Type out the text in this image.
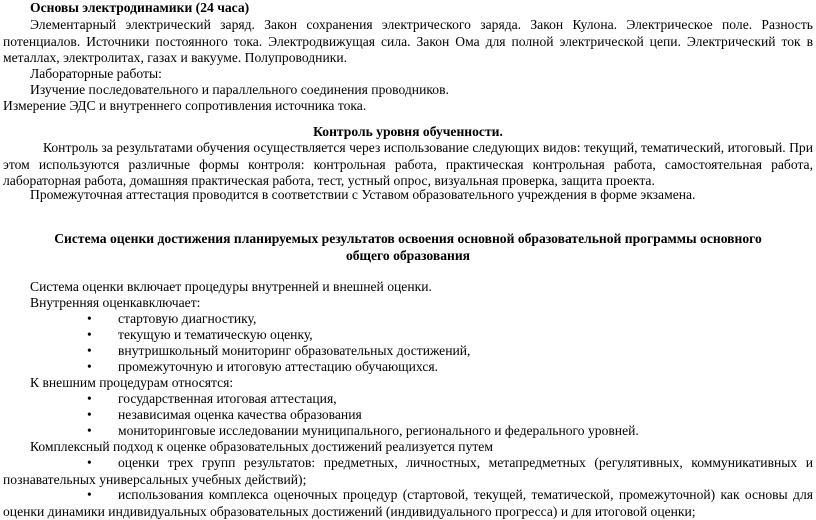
Основы электродинамики (24 часа)

Элементарный электрический заряд. Закон сохранения электрического заряда. Закон Кулона. Электрическое поле. Разность потенциалов. Источники постоянного тока. Электродвижущая сила. Закон Ома для полной электрической цепи. Электрический ток в металлах, электролитах, газах и вакууме. Полупроводники.

Лабораторные работы:

Изучение последовательного и параллельного соединения проводников.

Измерение ЭДС и внутреннего сопротивления источника тока.

Контроль уровня обученности.

Контроль за результатами обучения осуществляется через использование следующих видов: текущий, тематический, итоговый. При этом используются различные формы контроля: контрольная работа, практическая контрольная работа, самостоятельная работа, лабораторная работа, домашняя практическая работа, тест, устный опрос, визуальная проверка, защита проекта.

Промежуточная аттестация проводится в соответствии с Уставом образовательного учреждения в форме экзамена.

Система оценки достижения планируемых результатов освоения основной образовательной программы основного общего образования

Система оценки включает процедуры внутренней и внешней оценки.

Внутренняя оценкавключает:

• стартовую диагностику,
• текущую и тематическую оценку,
• внутришкольный мониторинг образовательных достижений,
• промежуточную и итоговую аттестацию обучающихся.

К внешним процедурам относятся:

• государственная итоговая аттестация,
• независимая оценка качества образования
• мониторинговые исследовании муниципального, регионального и федерального уровней.

Комплексный подход к оценке образовательных достижений реализуется путем

•	оценки трех групп результатов: предметных, личностных, метапредметных (регулятивных, коммуникативных и познавательных универсальных учебных действий);
•	использования комплекса оценочных процедур (стартовой, текущей, тематической, промежуточной) как основы для оценки динамики индивидуальных образовательных достижений (индивидуального прогресса) и для итоговой оценки;
